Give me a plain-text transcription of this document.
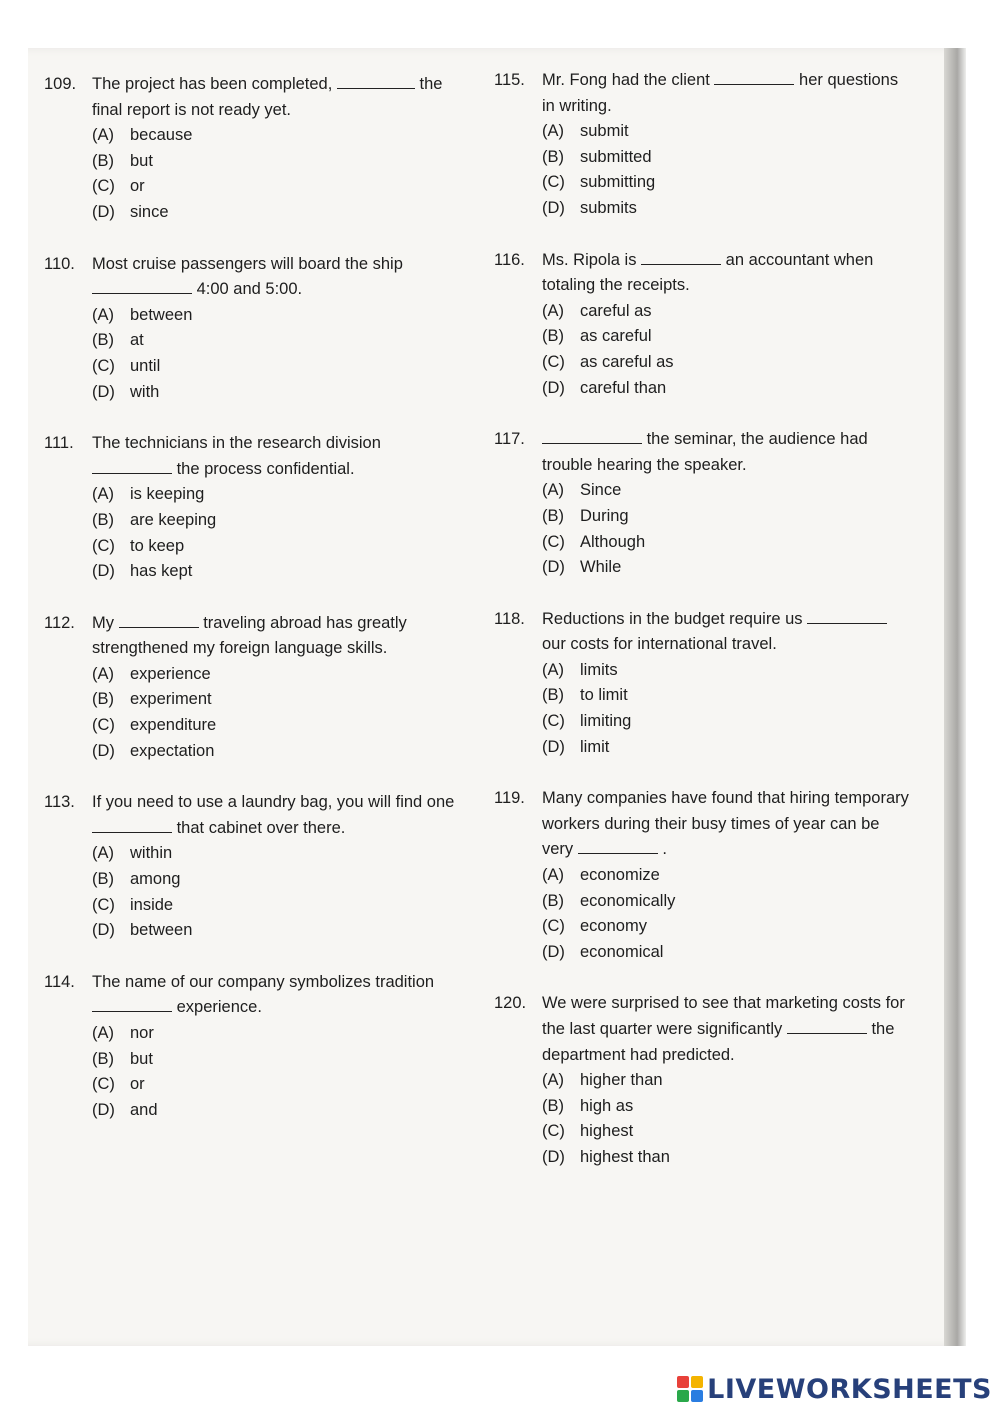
109. The project has been completed,	the final report is not ready yet.
(A) because
(B) but
(C) or
(D) since
110.	Most cruise passengers will board the ship  4:00 and 5:00.
(A) between
(B) at
(C) until
(D) with
111.	The technicians in the research division  the process confidential.
(A) is keeping
(B) are keeping
(C) to keep
(D) has kept
112.	My	traveling abroad has greatly strengthened my foreign language skills.
(A) experience
(B) experiment
(C) expenditure
(D) expectation
113.	If you need to use a laundry bag, you will find one  that cabinet over there.
(A) within
(B) among
(C) inside
(D) between
114.	The name of our company symbolizes tradition  experience.
(A) nor
(B) but
(C) or
(D) and
115.	Mr. Fong had the client	her questions in writing.
(A) submit
(B) submitted
(C) submitting
(D) submits
116.	Ms. Ripola is	an accountant when totaling the receipts.
(A) careful as
(B) as careful
(C) as careful as
(D) careful than
117.	the seminar, the audience had trouble hearing the speaker.
(A) Since
(B) During
(C) Although
(D) While
118.	Reductions in the budget require us  our costs for international travel.
(A) limits
(B) to limit
(C) limiting
(D) limit
119.	Many companies have found that hiring temporary workers during their busy times of year can be very	.
(A) economize
(B) economically
(C) economy
(D) economical
120. We were surprised to see that marketing costs for the last quarter were significantly	the department had predicted.
(A) higher than
(B) high as
(C) highest
(D) highest than
LIVEWORKSHEETS
